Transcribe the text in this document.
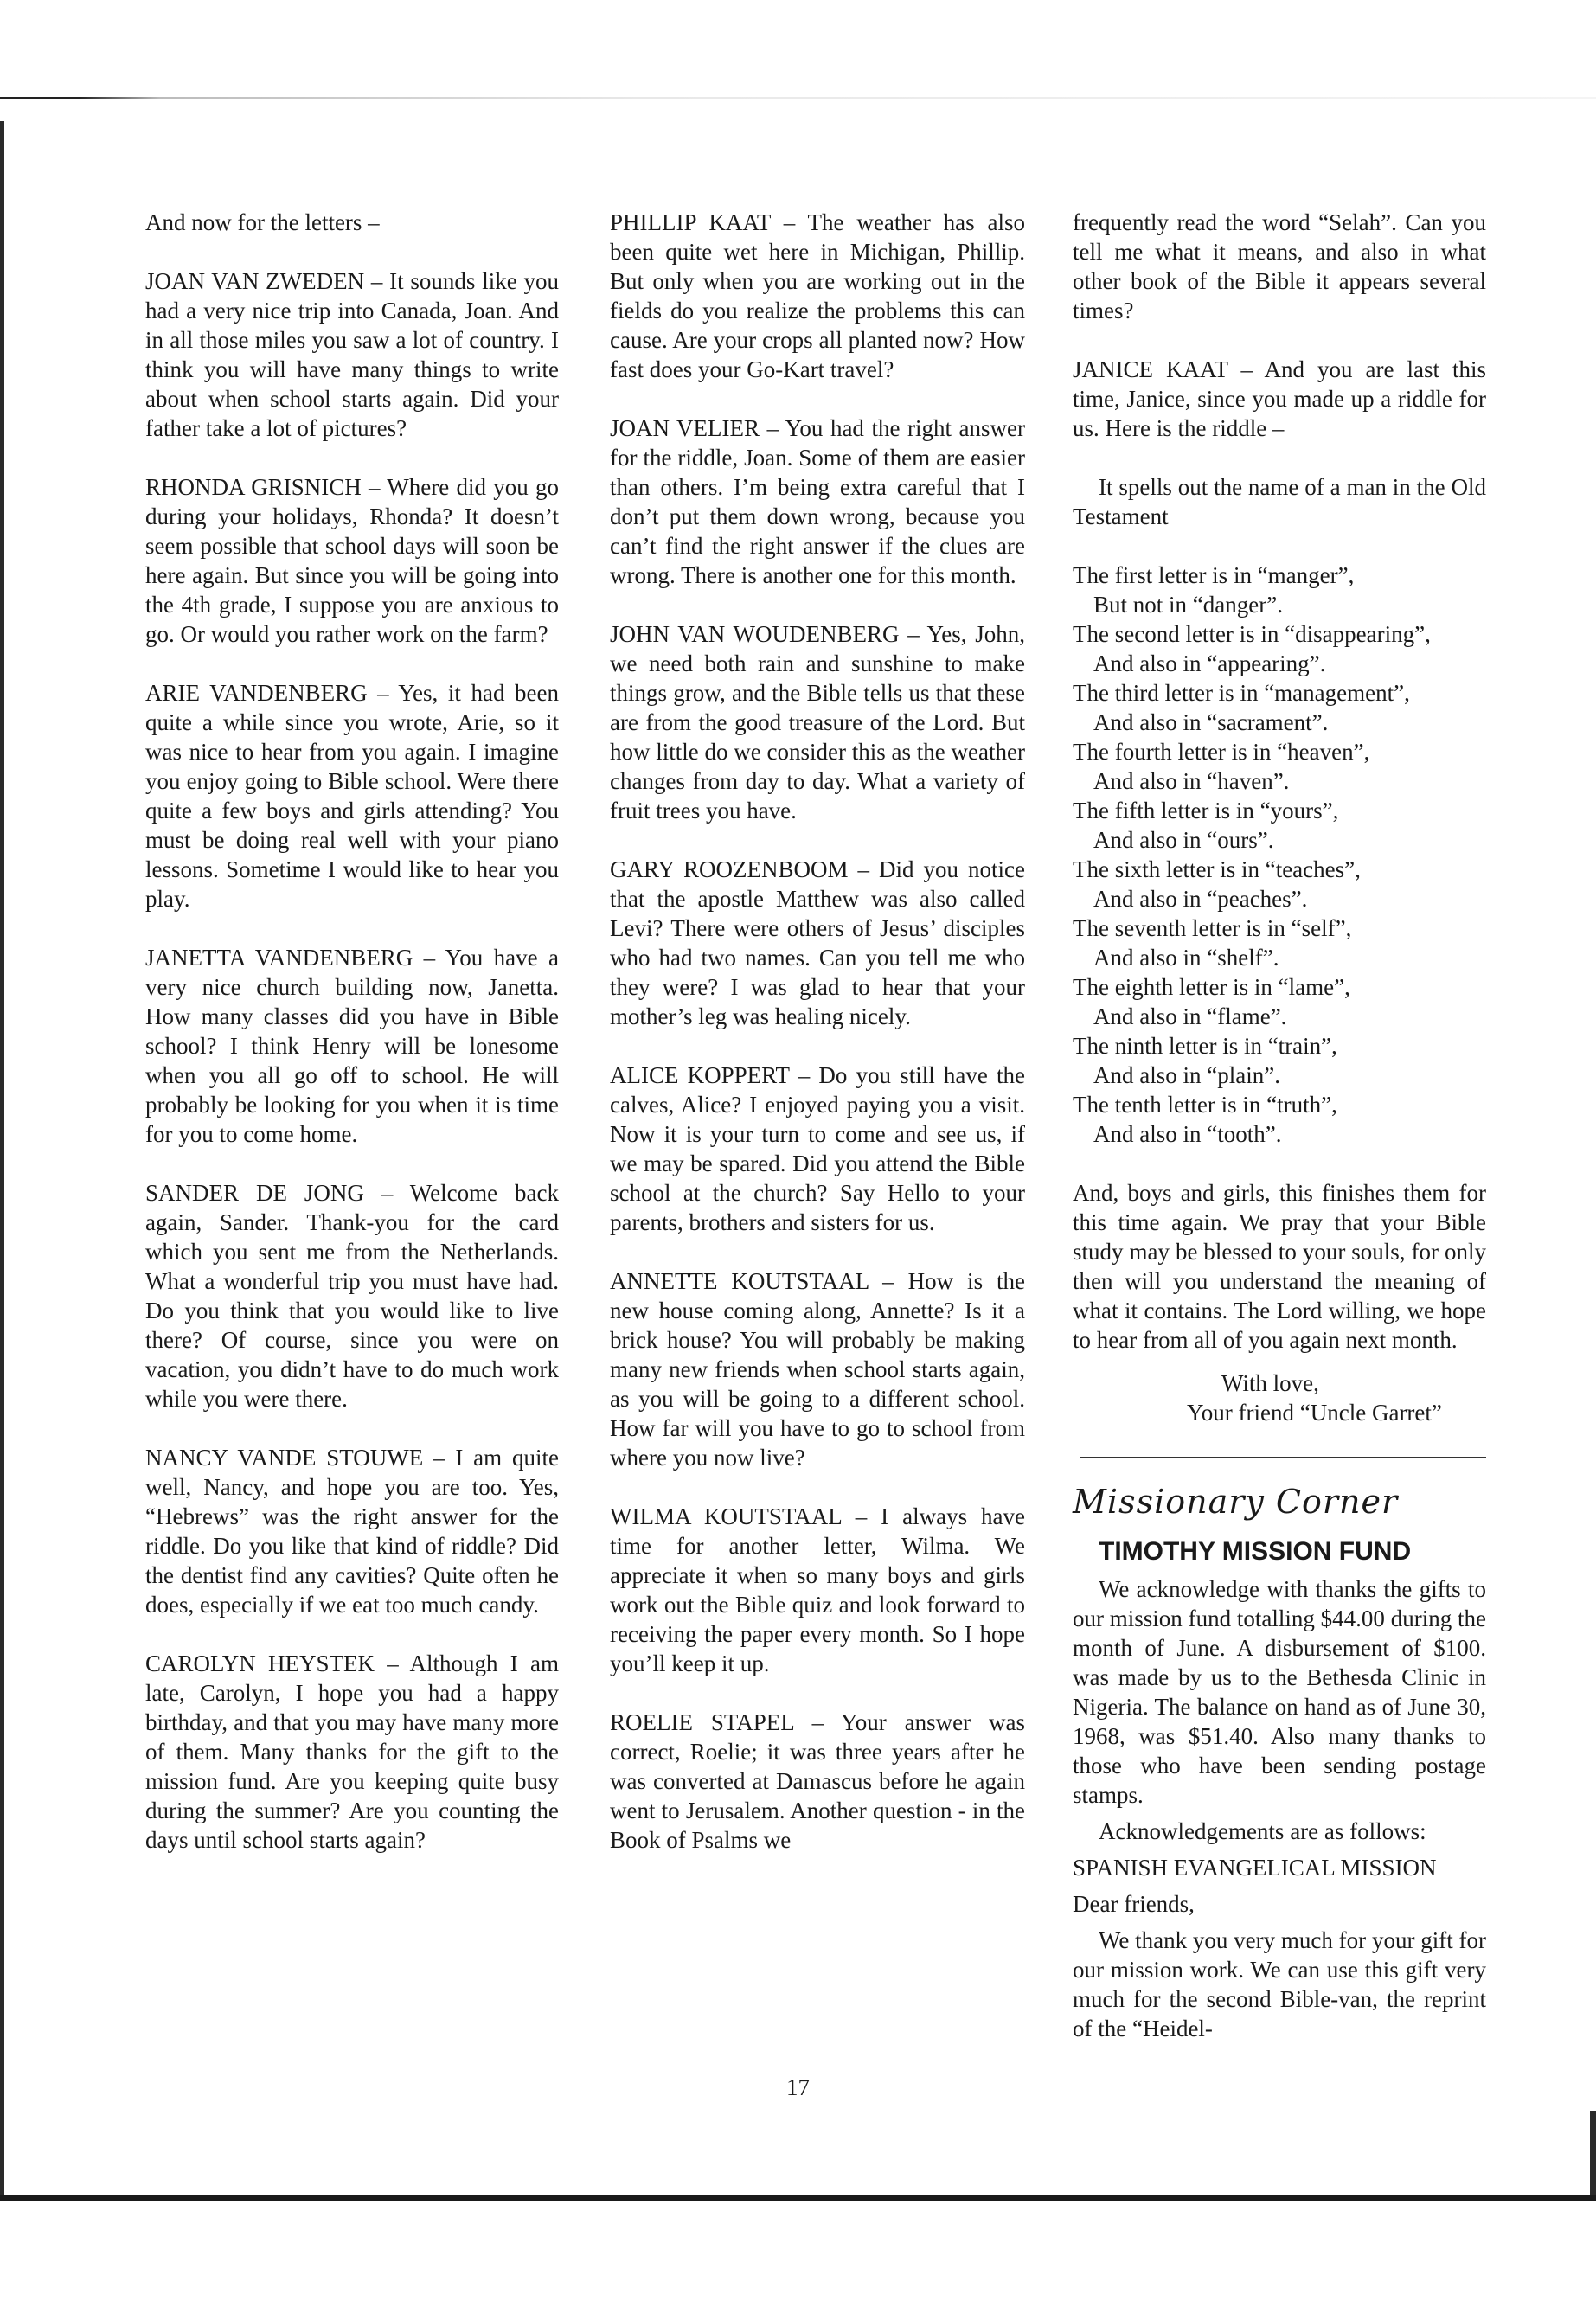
And now for the letters –

JOAN VAN ZWEDEN – It sounds like you had a very nice trip into Canada, Joan. And in all those miles you saw a lot of country. I think you will have many things to write about when school starts again. Did your father take a lot of pictures?

RHONDA GRISNICH – Where did you go during your holidays, Rhonda? It doesn’t seem possible that school days will soon be here again. But since you will be going into the 4th grade, I suppose you are anxious to go. Or would you rather work on the farm?

ARIE VANDENBERG – Yes, it had been quite a while since you wrote, Arie, so it was nice to hear from you again. I imagine you enjoy going to Bible school. Were there quite a few boys and girls attending? You must be doing real well with your piano lessons. Sometime I would like to hear you play.

JANETTA VANDENBERG – You have a very nice church building now, Janetta. How many classes did you have in Bible school? I think Henry will be lonesome when you all go off to school. He will probably be looking for you when it is time for you to come home.

SANDER DE JONG – Welcome back again, Sander. Thank-you for the card which you sent me from the Netherlands. What a wonderful trip you must have had. Do you think that you would like to live there? Of course, since you were on vacation, you didn’t have to do much work while you were there.

NANCY VANDE STOUWE – I am quite well, Nancy, and hope you are too. Yes, “Hebrews” was the right answer for the riddle. Do you like that kind of riddle? Did the dentist find any cavities? Quite often he does, especially if we eat too much candy.

CAROLYN HEYSTEK – Although I am late, Carolyn, I hope you had a happy birthday, and that you may have many more of them. Many thanks for the gift to the mission fund. Are you keeping quite busy during the summer? Are you counting the days until school starts again?

PHILLIP KAAT – The weather has also been quite wet here in Michigan, Phillip. But only when you are working out in the fields do you realize the problems this can cause. Are your crops all planted now? How fast does your Go-Kart travel?

JOAN VELIER – You had the right answer for the riddle, Joan. Some of them are easier than others. I’m being extra careful that I don’t put them down wrong, because you can’t find the right answer if the clues are wrong. There is another one for this month.

JOHN VAN WOUDENBERG – Yes, John, we need both rain and sunshine to make things grow, and the Bible tells us that these are from the good treasure of the Lord. But how little do we consider this as the weather changes from day to day. What a variety of fruit trees you have.

GARY ROOZENBOOM – Did you notice that the apostle Matthew was also called Levi? There were others of Jesus’ disciples who had two names. Can you tell me who they were? I was glad to hear that your mother’s leg was healing nicely.

ALICE KOPPERT – Do you still have the calves, Alice? I enjoyed paying you a visit. Now it is your turn to come and see us, if we may be spared. Did you attend the Bible school at the church? Say Hello to your parents, brothers and sisters for us.

ANNETTE KOUTSTAAL – How is the new house coming along, Annette? Is it a brick house? You will probably be making many new friends when school starts again, as you will be going to a different school. How far will you have to go to school from where you now live?

WILMA KOUTSTAAL – I always have time for another letter, Wilma. We appreciate it when so many boys and girls work out the Bible quiz and look forward to receiving the paper every month. So I hope you’ll keep it up.

ROELIE STAPEL – Your answer was correct, Roelie; it was three years after he was converted at Damascus before he again went to Jerusalem. Another question - in the Book of Psalms we

frequently read the word “Selah”. Can you tell me what it means, and also in what other book of the Bible it appears several times?

JANICE KAAT – And you are last this time, Janice, since you made up a riddle for us. Here is the riddle –

It spells out the name of a man in the Old Testament

The first letter is in “manger”,
But not in “danger”.
The second letter is in “disappearing”,
And also in “appearing”.
The third letter is in “management”,
And also in “sacrament”.
The fourth letter is in “heaven”,
And also in “haven”.
The fifth letter is in “yours”,
And also in “ours”.
The sixth letter is in “teaches”,
And also in “peaches”.
The seventh letter is in “self”,
And also in “shelf”.
The eighth letter is in “lame”,
And also in “flame”.
The ninth letter is in “train”,
And also in “plain”.
The tenth letter is in “truth”,
And also in “tooth”.

And, boys and girls, this finishes them for this time again. We pray that your Bible study may be blessed to your souls, for only then will you understand the meaning of what it contains. The Lord willing, we hope to hear from all of you again next month.

With love,
Your friend “Uncle Garret”
Missionary Corner
TIMOTHY MISSION FUND

We acknowledge with thanks the gifts to our mission fund totalling $44.00 during the month of June. A disbursement of $100. was made by us to the Bethesda Clinic in Nigeria. The balance on hand as of June 30, 1968, was $51.40. Also many thanks to those who have been sending postage stamps.

Acknowledgements are as follows:

SPANISH EVANGELICAL MISSION

Dear friends,

We thank you very much for your gift for our mission work. We can use this gift very much for the second Bible-van, the reprint of the “Heidel-

17
